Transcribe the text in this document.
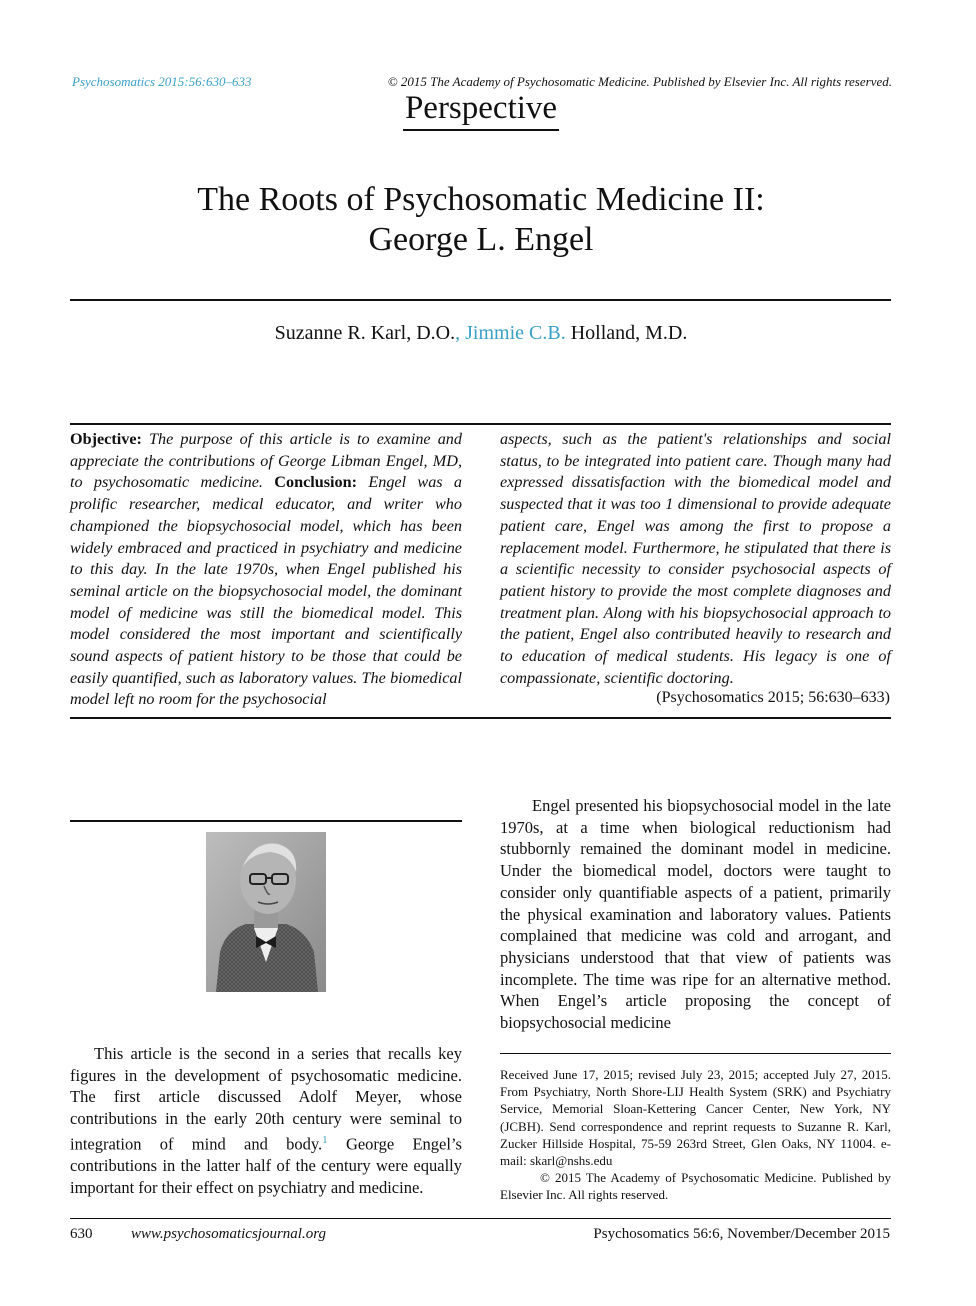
Psychosomatics 2015:56:630–633	© 2015 The Academy of Psychosomatic Medicine. Published by Elsevier Inc. All rights reserved.
Perspective
The Roots of Psychosomatic Medicine II:
George L. Engel
Suzanne R. Karl, D.O., Jimmie C.B. Holland, M.D.
Objective: The purpose of this article is to examine and appreciate the contributions of George Libman Engel, MD, to psychosomatic medicine. Conclusion: Engel was a prolific researcher, medical educator, and writer who championed the biopsychosocial model, which has been widely embraced and practiced in psychiatry and medicine to this day. In the late 1970s, when Engel published his seminal article on the biopsychosocial model, the dominant model of medicine was still the biomedical model. This model considered the most important and scientifically sound aspects of patient history to be those that could be easily quantified, such as laboratory values. The biomedical model left no room for the psychosocial
aspects, such as the patient's relationships and social status, to be integrated into patient care. Though many had expressed dissatisfaction with the biomedical model and suspected that it was too 1 dimensional to provide adequate patient care, Engel was among the first to propose a replacement model. Furthermore, he stipulated that there is a scientific necessity to consider psychosocial aspects of patient history to provide the most complete diagnoses and treatment plan. Along with his biopsychosocial approach to the patient, Engel also contributed heavily to research and to education of medical students. His legacy is one of compassionate, scientific doctoring.
(Psychosomatics 2015; 56:630–633)
This article is the second in a series that recalls key figures in the development of psychosomatic medicine. The first article discussed Adolf Meyer, whose contributions in the early 20th century were seminal to integration of mind and body.$^1$ George Engel’s contributions in the latter half of the century were equally important for their effect on psychiatry and medicine.
Engel presented his biopsychosocial model in the late 1970s, at a time when biological reductionism had stubbornly remained the dominant model in medicine. Under the biomedical model, doctors were taught to consider only quantifiable aspects of a patient, primarily the physical examination and laboratory values. Patients complained that medicine was cold and arrogant, and physicians understood that that view of patients was incomplete. The time was ripe for an alternative method. When Engel’s article proposing the concept of biopsychosocial medicine
Received June 17, 2015; revised July 23, 2015; accepted July 27, 2015. From Psychiatry, North Shore-LIJ Health System (SRK) and Psychiatry Service, Memorial Sloan-Kettering Cancer Center, New York, NY (JCBH). Send correspondence and reprint requests to Suzanne R. Karl, Zucker Hillside Hospital, 75-59 263rd Street, Glen Oaks, NY 11004. e-mail: skarl@nshs.edu
© 2015 The Academy of Psychosomatic Medicine. Published by Elsevier Inc. All rights reserved.
630	www.psychosomaticsjournal.org	Psychosomatics 56:6, November/December 2015
